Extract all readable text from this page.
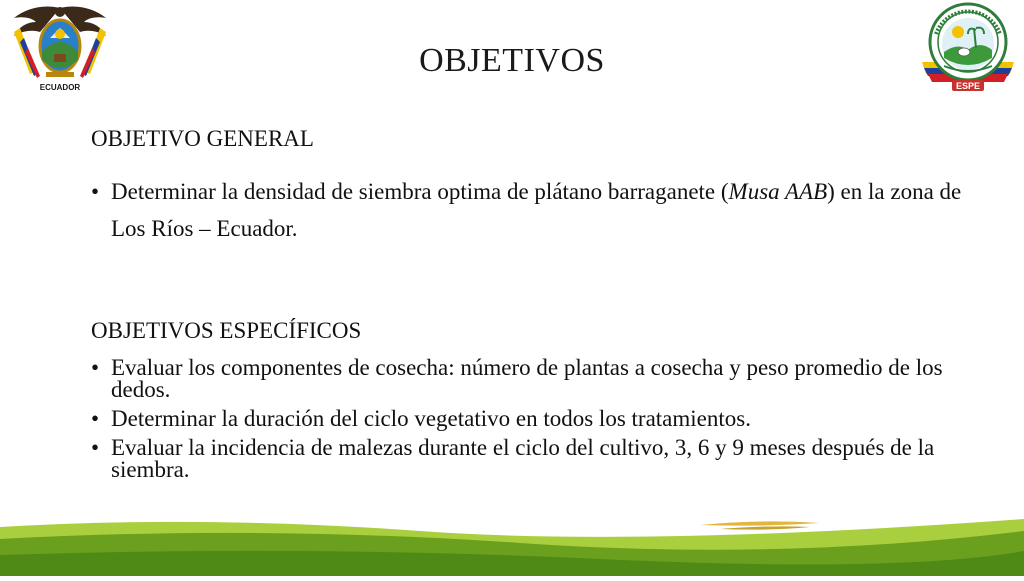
ECUADOR	ESPE
OBJETIVOS
OBJETIVO GENERAL
• Determinar la densidad de siembra optima de plátano barraganete (Musa AAB) en la zona de Los Ríos – Ecuador.
OBJETIVOS ESPECÍFICOS
• Evaluar los componentes de cosecha: número de plantas a cosecha y peso promedio de los dedos.
• Determinar la duración del ciclo vegetativo en todos los tratamientos.
• Evaluar la incidencia de malezas durante el ciclo del cultivo, 3, 6 y 9 meses después de la siembra.
